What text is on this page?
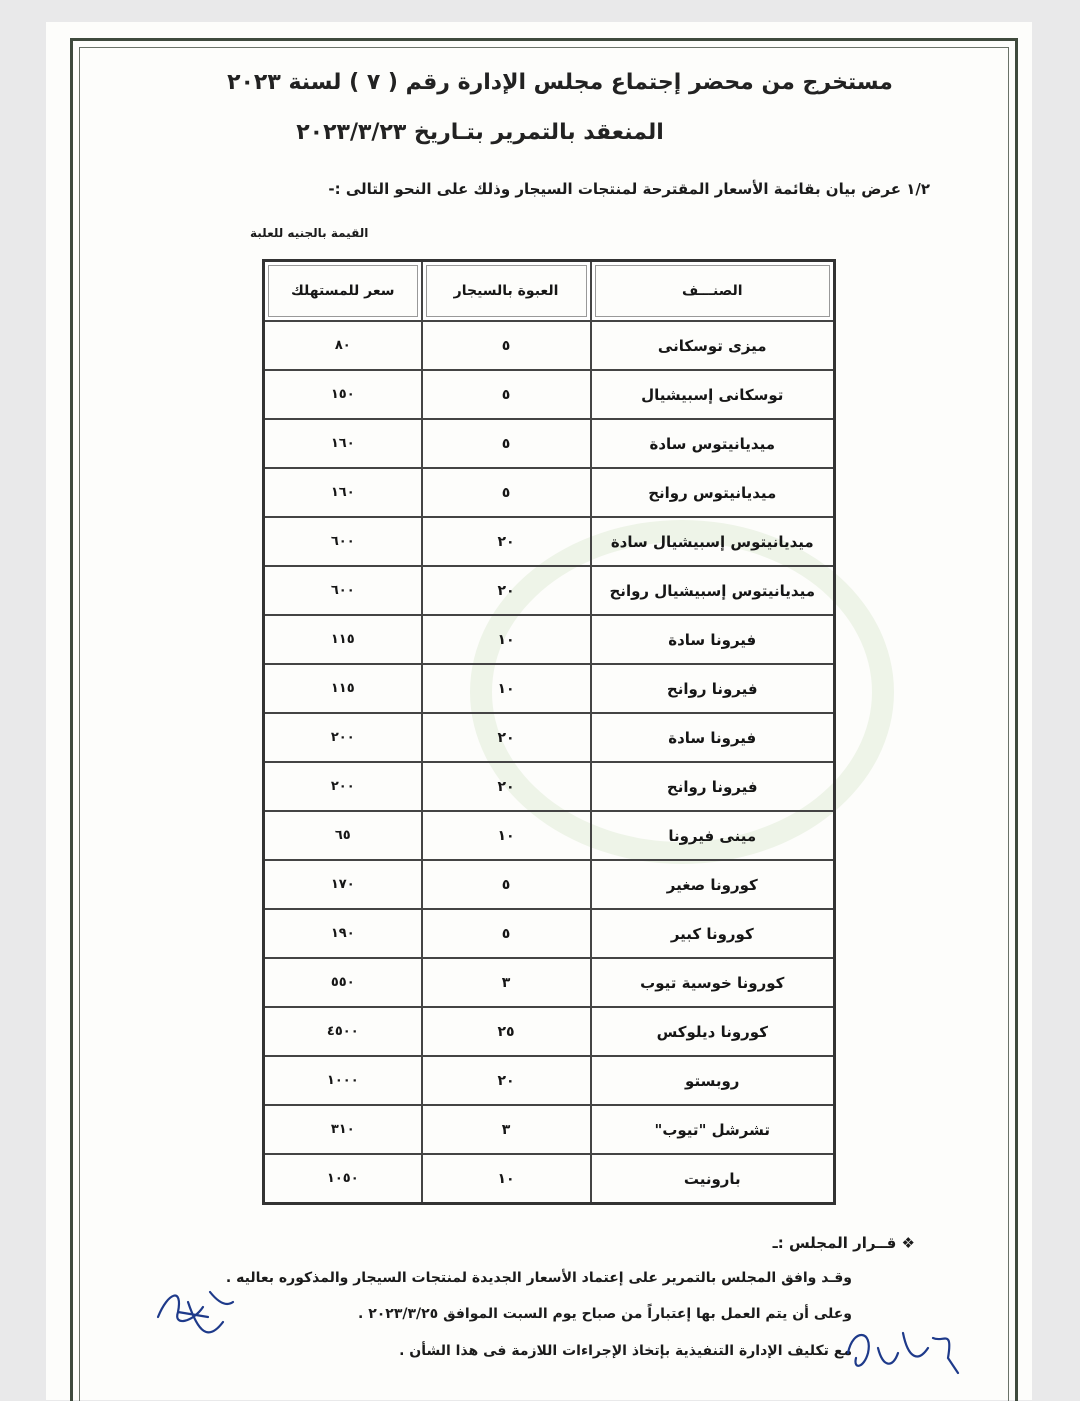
مستخرج من محضر إجتماع مجلس الإدارة رقم ( ٧ ) لسنة ٢٠٢٣
المنعقد بالتمرير بتـاريخ ٢٠٢٣/٣/٢٣
١/٢ عرض بيان بقائمة الأسعار المقترحة لمنتجات السيجار وذلك على النحو التالى :-
القيمة بالجنيه للعلبة
الصنـــف	العبوة بالسيجار	سعر للمستهلك
ميزى توسكانى	٥	٨٠
توسكانى إسبيشيال	٥	١٥٠
ميديانيتوس سادة	٥	١٦٠
ميديانيتوس روانح	٥	١٦٠
ميديانيتوس إسبيشيال سادة	٢٠	٦٠٠
ميديانيتوس إسبيشيال روانح	٢٠	٦٠٠
فيرونا سادة	١٠	١١٥
فيرونا روانح	١٠	١١٥
فيرونا سادة	٢٠	٢٠٠
فيرونا روانح	٢٠	٢٠٠
مينى فيرونا	١٠	٦٥
كورونا صغير	٥	١٧٠
كورونا كبير	٥	١٩٠
كورونا خوسية تيوب	٣	٥٥٠
كورونا ديلوكس	٢٥	٤٥٠٠
روبستو	٢٠	١٠٠٠
تشرشل "تيوب"	٣	٣١٠
بارونيت	١٠	١٠٥٠
❖ قــرار المجلس :ـ
وقـد وافق المجلس بالتمرير على إعتماد الأسعار الجديدة لمنتجات السيجار والمذكوره بعاليه .
وعلى أن يتم العمل بها إعتباراً من صباح يوم السبت الموافق ٢٠٢٣/٣/٢٥ .
مع تكليف الإدارة التنفيذية بإتخاذ الإجراءات اللازمة فى هذا الشأن .
